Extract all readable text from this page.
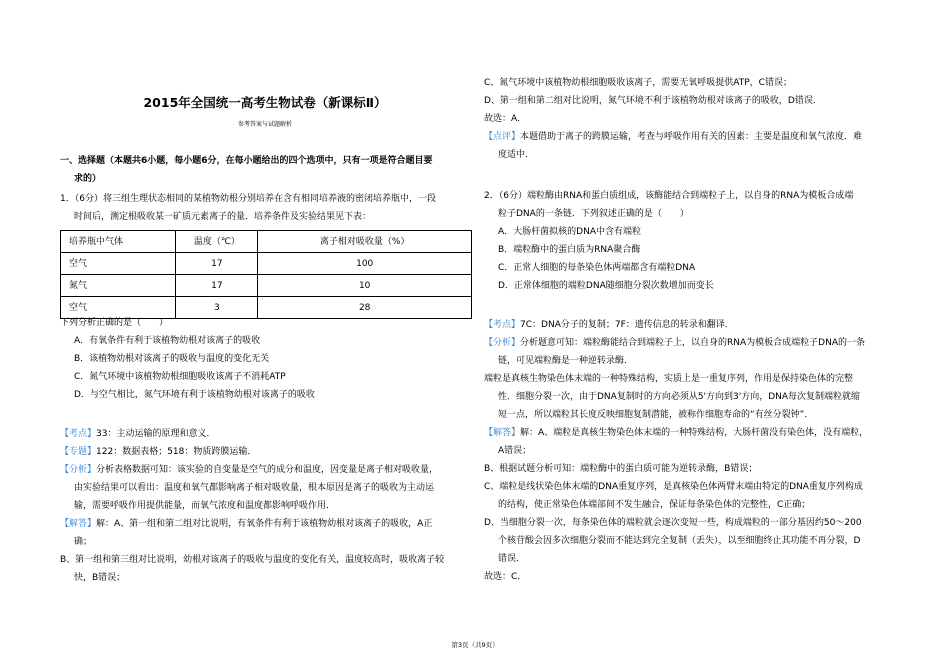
2015年全国统一高考生物试卷（新课标Ⅱ）
参考答案与试题解析
一、选择题（本题共6小题，每小题6分，在每小题给出的四个选项中，只有一项是符合题目要
求的）
1．（6分）将三组生理状态相同的某植物幼根分别培养在含有相同培养液的密闭培养瓶中，一段
时间后，测定根吸收某一矿质元素离子的量．培养条件及实验结果见下表：
培养瓶中气体	温度（℃）	离子相对吸收量（%）
空气	17	100
氮气	17	10
空气	3	28
下列分析正确的是（　　）
A．有氧条件有利于该植物幼根对该离子的吸收
B．该植物幼根对该离子的吸收与温度的变化无关
C．氮气环境中该植物幼根细胞吸收该离子不消耗ATP
D．与空气相比，氮气环境有利于该植物幼根对该离子的吸收
【考点】33：主动运输的原理和意义．
【专题】122：数据表格；518：物质跨膜运输．
【分析】分析表格数据可知：该实验的自变量是空气的成分和温度，因变量是离子相对吸收量，
由实验结果可以看出：温度和氧气都影响离子相对吸收量，根本原因是离子的吸收为主动运
输，需要呼吸作用提供能量，而氧气浓度和温度都影响呼吸作用．
【解答】解：A、第一组和第二组对比说明，有氧条件有利于该植物幼根对该离子的吸收，A正
确；
B、第一组和第三组对比说明，幼根对该离子的吸收与温度的变化有关，温度较高时，吸收离子较
快，B错误；
C、氮气环境中该植物幼根细胞吸收该离子，需要无氧呼吸提供ATP，C错误；
D、第一组和第二组对比说明，氮气环境不利于该植物幼根对该离子的吸收，D错误．
故选：A．
【点评】本题借助于离子的跨膜运输，考查与呼吸作用有关的因素：主要是温度和氧气浓度．难
度适中．
2．（6分）端粒酶由RNA和蛋白质组成，该酶能结合到端粒子上，以自身的RNA为模板合成端
粒子DNA的一条链．下列叙述正确的是（　　）
A．大肠杆菌拟核的DNA中含有端粒
B．端粒酶中的蛋白质为RNA聚合酶
C．正常人细胞的每条染色体两端都含有端粒DNA
D．正常体细胞的端粒DNA随细胞分裂次数增加而变长
【考点】7C：DNA分子的复制；7F：遗传信息的转录和翻译．
【分析】分析题意可知：端粒酶能结合到端粒子上，以自身的RNA为模板合成端粒子DNA的一条
链，可见端粒酶是一种逆转录酶．
端粒是真核生物染色体末端的一种特殊结构，实质上是一重复序列，作用是保持染色体的完整
性．细胞分裂一次，由于DNA复制时的方向必须从5'方向到3'方向，DNA每次复制端粒就缩
短一点，所以端粒其长度反映细胞复制潜能，被称作细胞寿命的“有丝分裂钟”．
【解答】解：A、端粒是真核生物染色体末端的一种特殊结构，大肠杆菌没有染色体，没有端粒，
A错误；
B、根据试题分析可知：端粒酶中的蛋白质可能为逆转录酶，B错误；
C、端粒是线状染色体末端的DNA重复序列，是真核染色体两臂末端由特定的DNA重复序列构成
的结构，使正常染色体端部间不发生融合，保证每条染色体的完整性，C正确；
D、当细胞分裂一次，每条染色体的端粒就会逐次变短一些，构成端粒的一部分基因约50～200
个核苷酸会因多次细胞分裂而不能达到完全复制（丢失），以至细胞终止其功能不再分裂，D
错误．
故选：C．
第3页（共9页）
